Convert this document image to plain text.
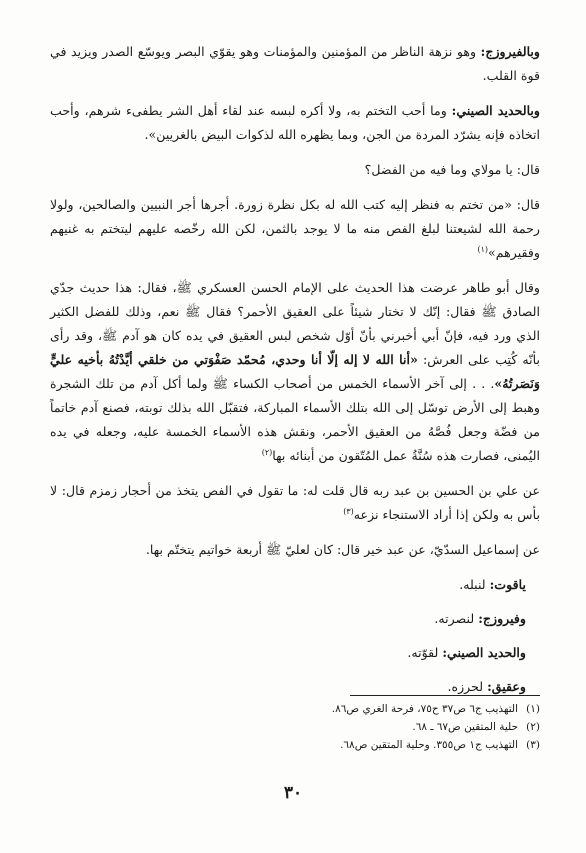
وبالفيروزج: وهو نزهة الناظر من المؤمنين والمؤمنات وهو يقوّي البصر ويوسّع الصدر ويزيد في قوة القلب.

وبالحديد الصيني: وما أحب التختم به، ولا أكره لبسه عند لقاء أهل الشر يطفىء شرهم، وأحب اتخاذه فإنه يشرّد المردة من الجن، وبما يظهره الله لذكوات البيض بالغريين».

قال: يا مولاي وما فيه من الفضل؟

قال: «من تختم به فنظر إليه كتب الله له بكل نظرة زورة. أجرها أجر النبيين والصالحين، ولولا رحمة الله لشيعتنا لبلغ الفص منه ما لا يوجد بالثمن، لكن الله رخّصه عليهم ليتختم به غنيهم وفقيرهم»$^{(١)}$

وقال أبو طاهر عرضت هذا الحديث على الإمام الحسن العسكري ﷺ، فقال: هذا حديث جدّي الصادق ﷺ فقال: إنّك لا تختار شيئاً على العقيق الأحمر؟ فقال ﷺ نعم، وذلك للفضل الكثير الذي ورد فيه، فإنّ أبي أخبرني بأنّ أوّل شخص لبس العقيق في يده كان هو آدم ﷺ، وقد رأى بأنّه كُتِب على العرش: «أنا الله لا إله إلّا أنا وحدي، مُحمّد صَفْوَتي من خلقي أيَّدْتُهُ بأخيه عليٍّ وَنَصَرتُهُ». . . إلى آخر الأسماء الخمس من أصحاب الكساء ﷺ ولما أكل آدم من تلك الشجرة وهبط إلى الأرض توسّل إلى الله بتلك الأسماء المباركة، فتقبّل الله بذلك توبته، فصنع آدم خاتماً من فضّة وجعل فُصَّهُ من العقيق الأحمر، ونقش هذه الأسماء الخمسة عليه، وجعله في يده اليُمنى، فصارت هذه سُنَّةُ عمل المُتّقون من أبنائه بها$^{(٢)}$

عن علي بن الحسين بن عبد ربه قال قلت له: ما تقول في الفص يتخذ من أحجار زمزم قال: لا بأس به ولكن إذا أراد الاستنجاء نزعه$^{(٣)}$

عن إسماعيل السدّيّ، عن عبد خير قال: كان لعليّ ﷺ أربعة خواتيم يتختّم بها.

ياقوت: لنبله.
وفيروزج: لنصرته.
والحديد الصيني: لقوّته.
وعقيق: لحرزه.
(١)التهذيب ج٦ ص٣٧ ح٧٥، فرحة الغري ص٨٦.
(٢)حلية المتقين ص٦٧ ـ ٦٨.
(٣)التهذيب ج١ ص٣٥٥. وحلية المتقين ص٦٨.
٣٠
